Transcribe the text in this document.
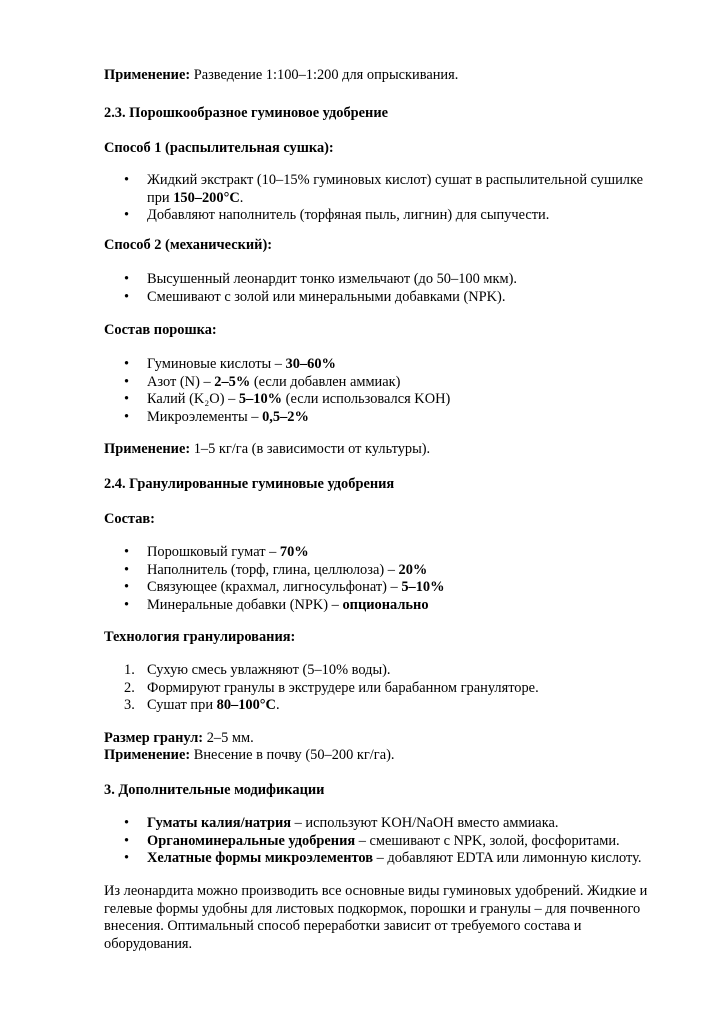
Применение: Разведение 1:100–1:200 для опрыскивания.

2.3. Порошкообразное гуминовое удобрение

Способ 1 (распылительная сушка):

• Жидкий экстракт (10–15% гуминовых кислот) сушат в распылительной сушилке при 150–200°C.
• Добавляют наполнитель (торфяная пыль, лигнин) для сыпучести.

Способ 2 (механический):

• Высушенный леонардит тонко измельчают (до 50–100 мкм).
• Смешивают с золой или минеральными добавками (NPK).

Состав порошка:

• Гуминовые кислоты – 30–60%
• Азот (N) – 2–5% (если добавлен аммиак)
• Калий (K₂O) – 5–10% (если использовался KOH)
• Микроэлементы – 0,5–2%

Применение: 1–5 кг/га (в зависимости от культуры).

2.4. Гранулированные гуминовые удобрения

Состав:

• Порошковый гумат – 70%
• Наполнитель (торф, глина, целлюлоза) – 20%
• Связующее (крахмал, лигносульфонат) – 5–10%
• Минеральные добавки (NPK) – опционально

Технология гранулирования:

1. Сухую смесь увлажняют (5–10% воды).
2. Формируют гранулы в экструдере или барабанном грануляторе.
3. Сушат при 80–100°C.

Размер гранул: 2–5 мм.

Применение: Внесение в почву (50–200 кг/га).

3. Дополнительные модификации

• Гуматы калия/натрия – используют KOH/NaOH вместо аммиака.
• Органоминеральные удобрения – смешивают с NPK, золой, фосфоритами.
• Хелатные формы микроэлементов – добавляют EDTA или лимонную кислоту.

Из леонардита можно производить все основные виды гуминовых удобрений. Жидкие и

гелевые формы удобны для листовых подкормок, порошки и гранулы – для почвенного

внесения. Оптимальный способ переработки зависит от требуемого состава и

оборудования.
